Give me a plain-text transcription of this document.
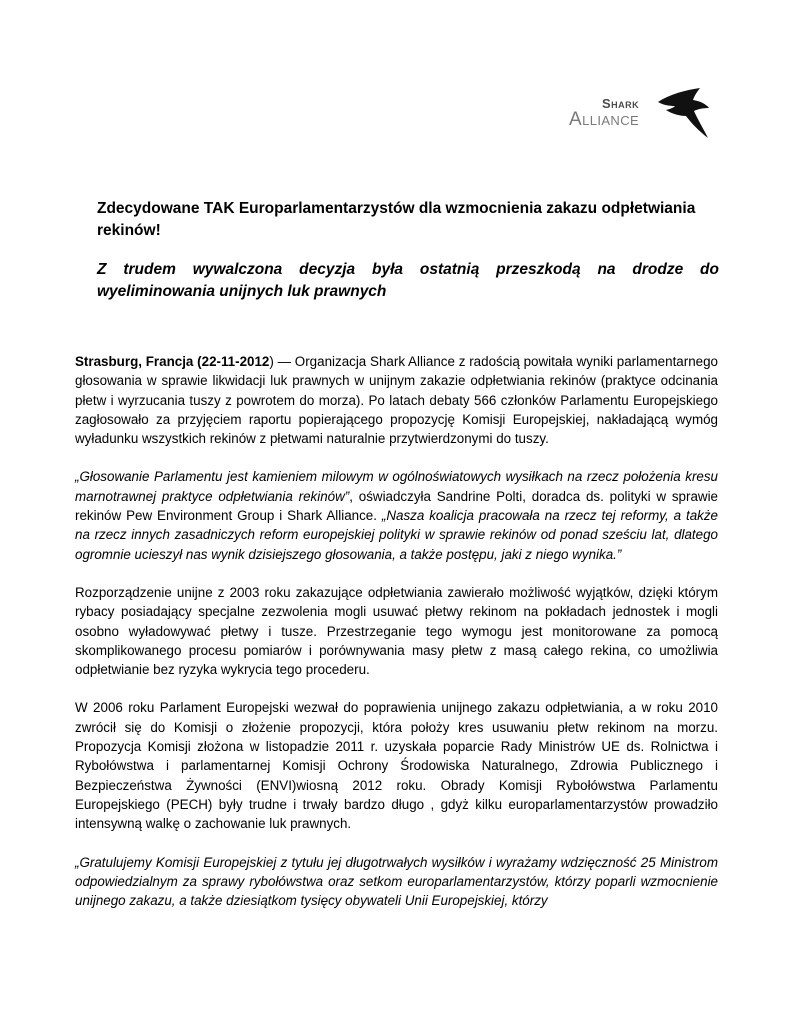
Shark
Alliance
Zdecydowane TAK Europarlamentarzystów dla wzmocnienia zakazu odpłetwiania rekinów!
Z trudem wywalczona decyzja była ostatnią przeszkodą na drodze do wyeliminowania unijnych luk prawnych

Strasburg, Francja (22-11-2012) — Organizacja Shark Alliance z radością powitała wyniki parlamentarnego głosowania w sprawie likwidacji luk prawnych w unijnym zakazie odpłetwiania rekinów (praktyce odcinania płetw i wyrzucania tuszy z powrotem do morza). Po latach debaty 566 członków Parlamentu Europejskiego zagłosowało za przyjęciem raportu popierającego propozycję Komisji Europejskiej, nakładającą wymóg wyładunku wszystkich rekinów z płetwami naturalnie przytwierdzonymi do tuszy.

„Głosowanie Parlamentu jest kamieniem milowym w ogólnoświatowych wysiłkach na rzecz położenia kresu marnotrawnej praktyce odpłetwiania rekinów”, oświadczyła Sandrine Polti, doradca ds. polityki w sprawie rekinów Pew Environment Group i Shark Alliance. „Nasza koalicja pracowała na rzecz tej reformy, a także na rzecz innych zasadniczych reform europejskiej polityki w sprawie rekinów od ponad sześciu lat, dlatego ogromnie ucieszył nas wynik dzisiejszego głosowania, a także postępu, jaki z niego wynika.”

Rozporządzenie unijne z 2003 roku zakazujące odpłetwiania zawierało możliwość wyjątków, dzięki którym rybacy posiadający specjalne zezwolenia mogli usuwać płetwy rekinom na pokładach jednostek i mogli osobno wyładowywać płetwy i tusze. Przestrzeganie tego wymogu jest monitorowane za pomocą skomplikowanego procesu pomiarów i porównywania masy płetw z masą całego rekina, co umożliwia odpłetwianie bez ryzyka wykrycia tego procederu.

W 2006 roku Parlament Europejski wezwał do poprawienia unijnego zakazu odpłetwiania, a w roku 2010 zwrócił się do Komisji o złożenie propozycji, która położy kres usuwaniu płetw rekinom na morzu. Propozycja Komisji złożona w listopadzie 2011 r. uzyskała poparcie Rady Ministrów UE ds. Rolnictwa i Rybołówstwa i parlamentarnej Komisji Ochrony Środowiska Naturalnego, Zdrowia Publicznego i Bezpieczeństwa Żywności (ENVI)wiosną 2012 roku. Obrady Komisji Rybołówstwa Parlamentu Europejskiego (PECH) były trudne i trwały bardzo długo , gdyż kilku europarlamentarzystów prowadziło intensywną walkę o zachowanie luk prawnych.

„Gratulujemy Komisji Europejskiej z tytułu jej długotrwałych wysiłków i wyrażamy wdzięczność 25 Ministrom odpowiedzialnym za sprawy rybołówstwa oraz setkom europarlamentarzystów, którzy poparli wzmocnienie unijnego zakazu, a także dziesiątkom tysięcy obywateli Unii Europejskiej, którzy
